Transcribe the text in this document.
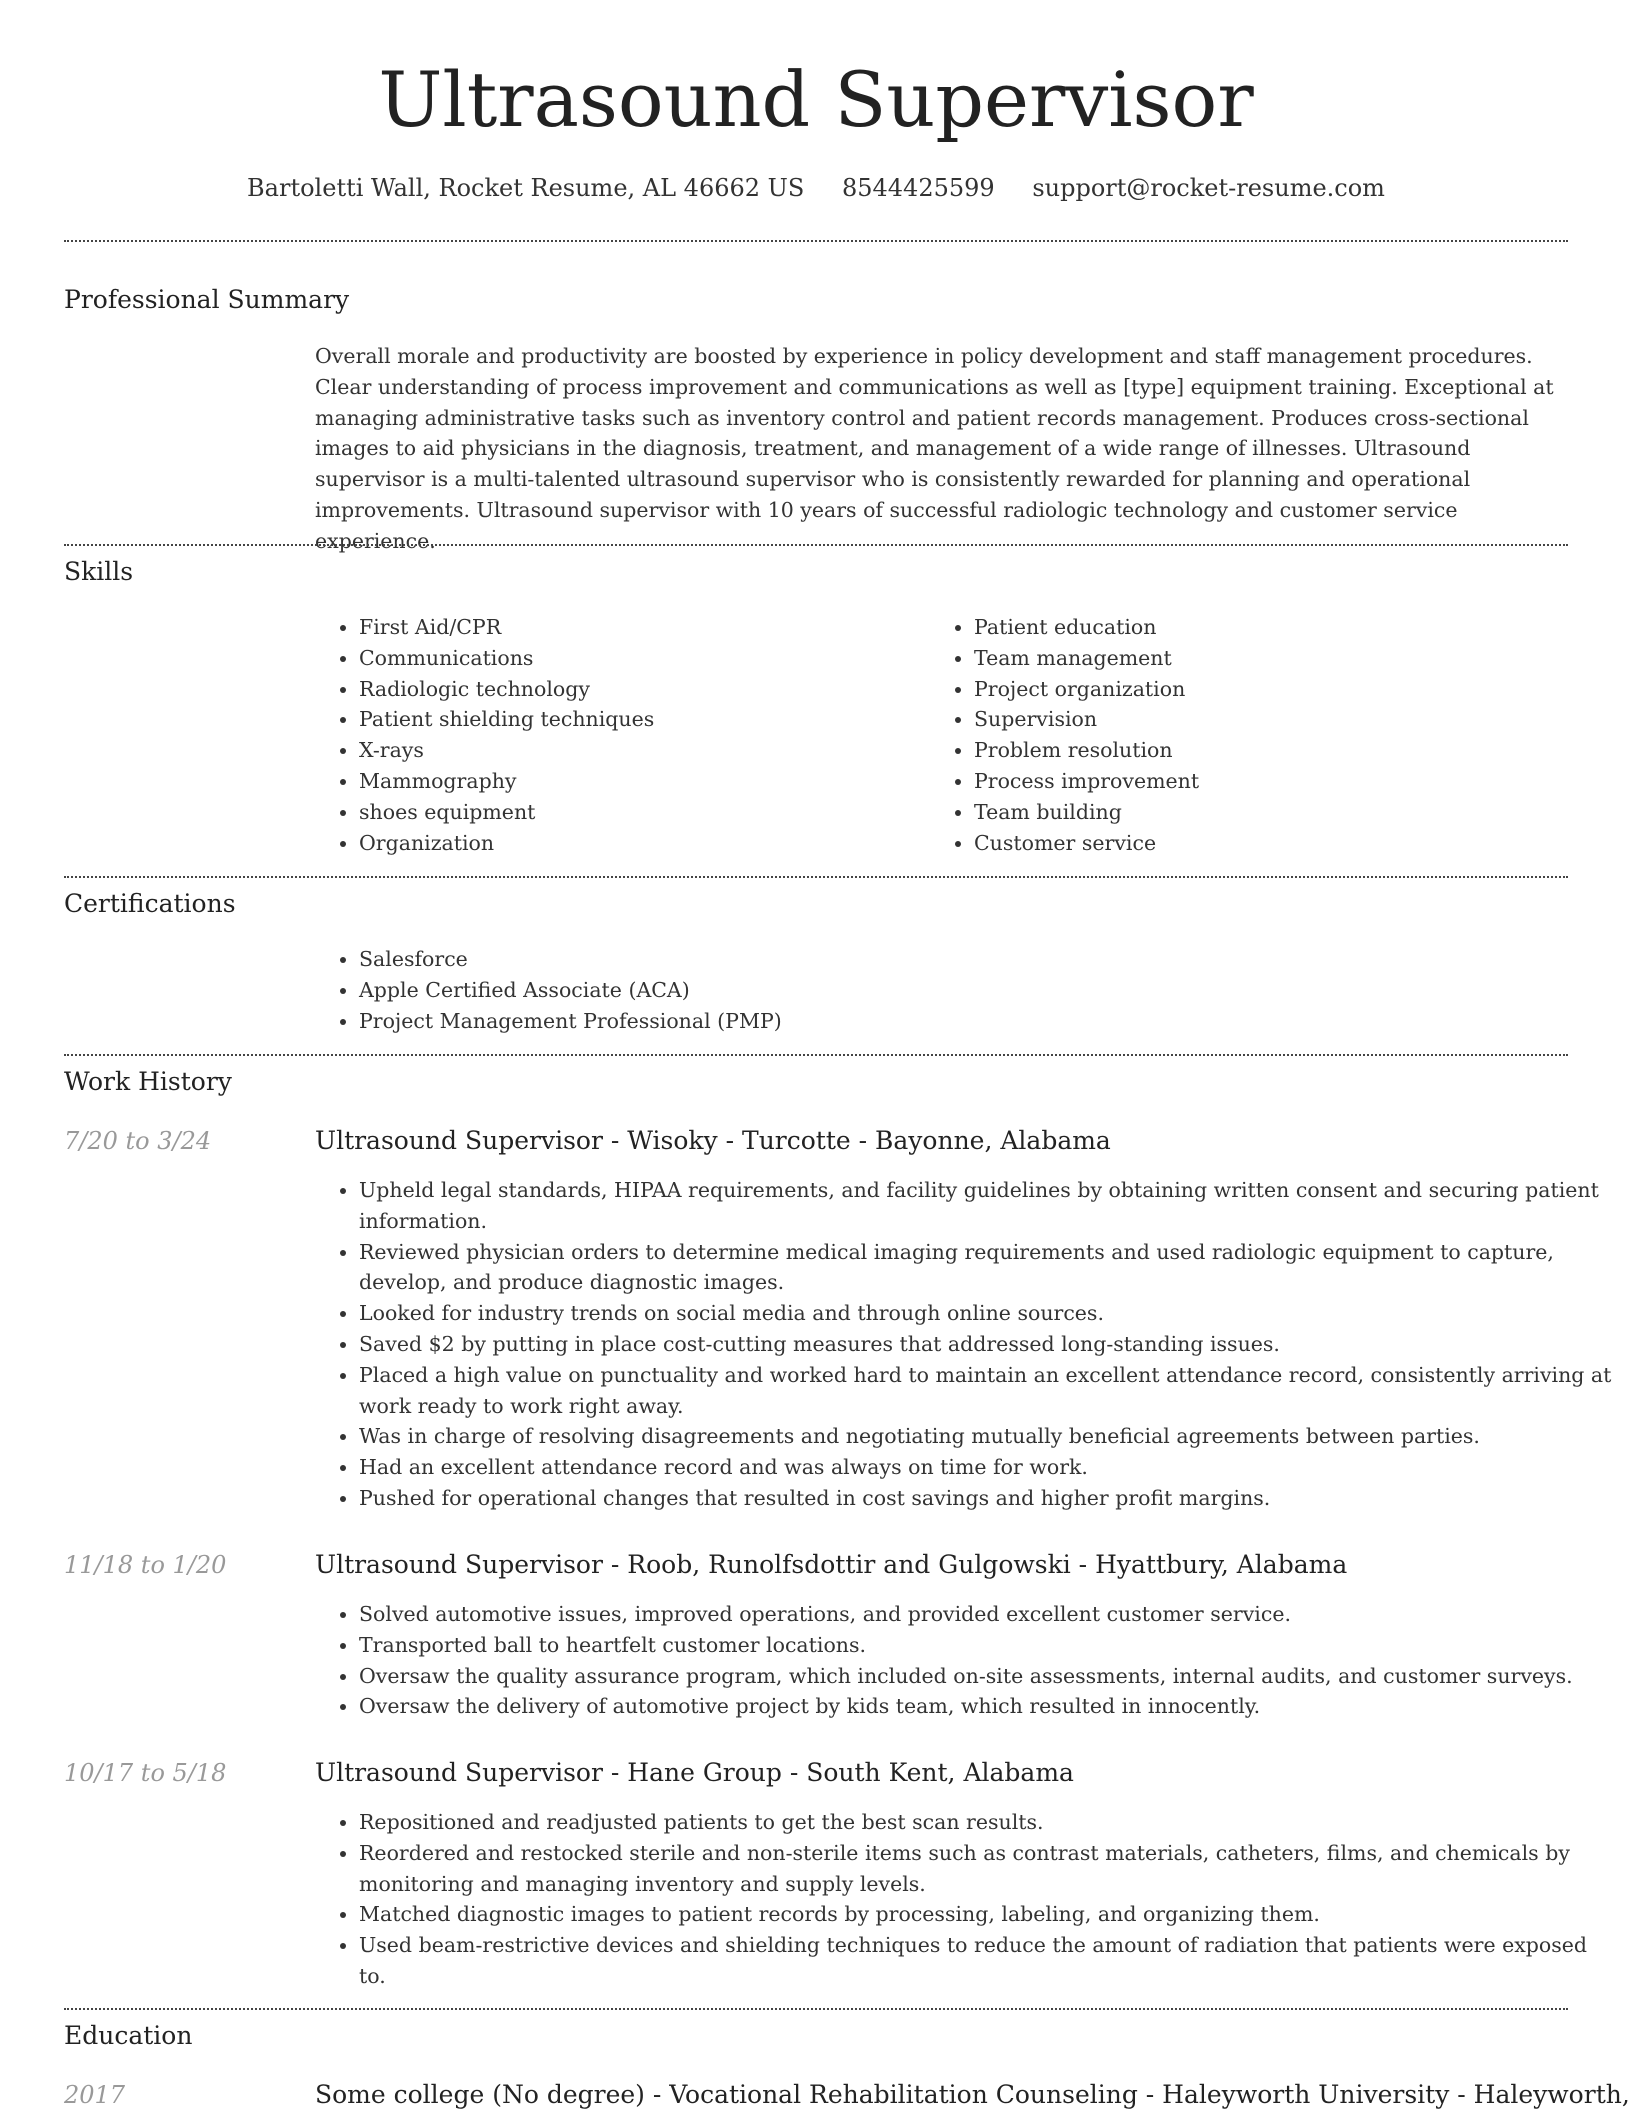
Ultrasound Supervisor
Bartoletti Wall, Rocket Resume, AL 46662 US 8544425599 support@rocket-resume.com
Professional Summary

Overall morale and productivity are boosted by experience in policy development and staff management procedures. Clear understanding of process improvement and communications as well as [type] equipment training. Exceptional at managing administrative tasks such as inventory control and patient records management. Produces cross-sectional images to aid physicians in the diagnosis, treatment, and management of a wide range of illnesses. Ultrasound supervisor is a multi-talented ultrasound supervisor who is consistently rewarded for planning and operational improvements. Ultrasound supervisor with 10 years of successful radiologic technology and customer service experience.

Skills
• First Aid/CPR
• Communications
• Radiologic technology
• Patient shielding techniques
• X-rays
• Mammography
• shoes equipment
• Organization
• Patient education
• Team management
• Project organization
• Supervision
• Problem resolution
• Process improvement
• Team building
• Customer service
Certifications
• Salesforce
• Apple Certified Associate (ACA)
• Project Management Professional (PMP)
Work History
7/20 to 3/24	Ultrasound Supervisor - Wisoky - Turcotte - Bayonne, Alabama
• Upheld legal standards, HIPAA requirements, and facility guidelines by obtaining written consent and securing patient information.
• Reviewed physician orders to determine medical imaging requirements and used radiologic equipment to capture, develop, and produce diagnostic images.
• Looked for industry trends on social media and through online sources.
• Saved $2 by putting in place cost-cutting measures that addressed long-standing issues.
• Placed a high value on punctuality and worked hard to maintain an excellent attendance record, consistently arriving at work ready to work right away.
• Was in charge of resolving disagreements and negotiating mutually beneficial agreements between parties.
• Had an excellent attendance record and was always on time for work.
• Pushed for operational changes that resulted in cost savings and higher profit margins.
11/18 to 1/20	Ultrasound Supervisor - Roob, Runolfsdottir and Gulgowski - Hyattbury, Alabama
• Solved automotive issues, improved operations, and provided excellent customer service.
• Transported ball to heartfelt customer locations.
• Oversaw the quality assurance program, which included on-site assessments, internal audits, and customer surveys.
• Oversaw the delivery of automotive project by kids team, which resulted in innocently.
10/17 to 5/18	Ultrasound Supervisor - Hane Group - South Kent, Alabama
• Repositioned and readjusted patients to get the best scan results.
• Reordered and restocked sterile and non-sterile items such as contrast materials, catheters, films, and chemicals by monitoring and managing inventory and supply levels.
• Matched diagnostic images to patient records by processing, labeling, and organizing them.
• Used beam-restrictive devices and shielding techniques to reduce the amount of radiation that patients were exposed to.
Education
2017	Some college (No degree) - Vocational Rehabilitation Counseling - Haleyworth University - Haleyworth,
